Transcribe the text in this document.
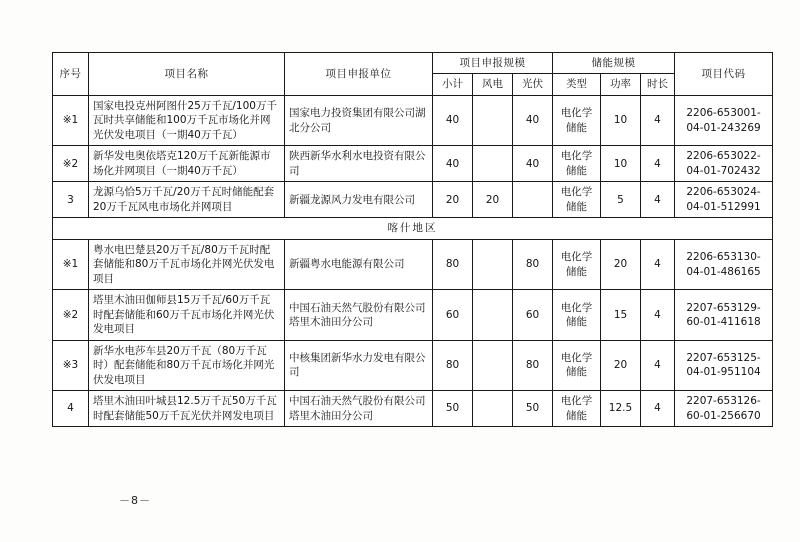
序号	项目名称	项目申报单位	项目申报规模			储能规模			项目代码
			小计	风电	光伏	类型	功率	时长	
※1	国家电投克州阿图什25万千瓦/100万千瓦时共享储能和100万千瓦市场化并网光伏发电项目（一期40万千瓦）	国家电力投资集团有限公司湖北分公司	40		40	电化学储能	10	4	2206-653001-04-01-243269
※2	新华发电奥依塔克120万千瓦新能源市场化并网项目（一期40万千瓦）	陕西新华水利水电投资有限公司	40		40	电化学储能	10	4	2206-653022-04-01-702432
3	龙源乌恰5万千瓦/20万千瓦时储能配套20万千瓦风电市场化并网项目	新疆龙源风力发电有限公司	20	20		电化学储能	5	4	2206-653024-04-01-512991
喀什地区									
※1	粤水电巴楚县20万千瓦/80万千瓦时配套储能和80万千瓦市场化并网光伏发电项目	新疆粤水电能源有限公司	80		80	电化学储能	20	4	2206-653130-04-01-486165
※2	塔里木油田伽师县15万千瓦/60万千瓦时配套储能和60万千瓦市场化并网光伏发电项目	中国石油天然气股份有限公司塔里木油田分公司	60		60	电化学储能	15	4	2207-653129-60-01-411618
※3	新华水电莎车县20万千瓦（80万千瓦时）配套储能和80万千瓦市场化并网光伏发电项目	中核集团新华水力发电有限公司	80		80	电化学储能	20	4	2207-653125-04-01-951104
4	塔里木油田叶城县12.5万千瓦50万千瓦时配套储能50万千瓦光伏并网发电项目	中国石油天然气股份有限公司塔里木油田分公司	50		50	电化学储能	12.5	4	2207-653126-60-01-256670
－8－
